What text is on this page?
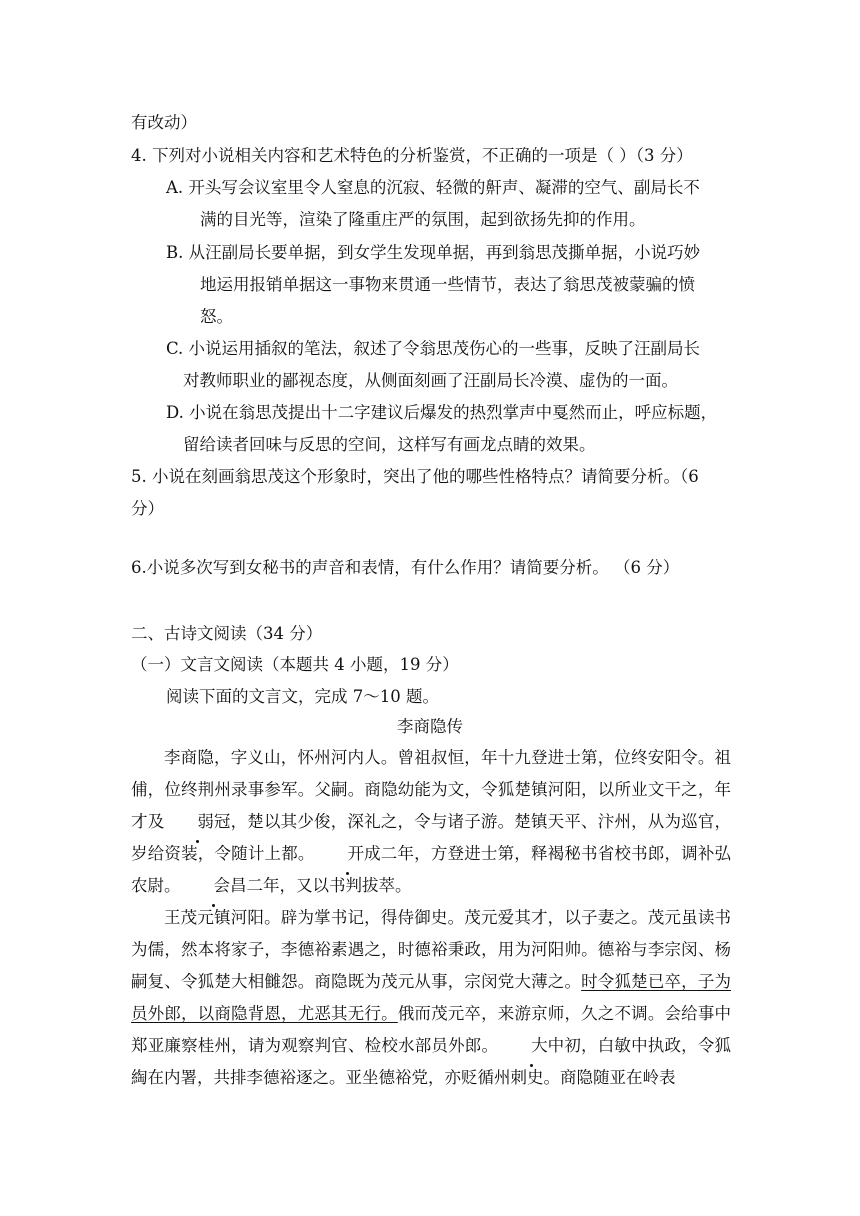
有改动）
4. 下列对小说相关内容和艺术特色的分析鉴赏，不正确的一项是（ ）（3 分）
A. 开头写会议室里令人窒息的沉寂、轻微的鼾声、凝滞的空气、副局长不
满的目光等，渲染了隆重庄严的氛围，起到欲扬先抑的作用。
B. 从汪副局长要单据，到女学生发现单据，再到翁思茂撕单据，小说巧妙
地运用报销单据这一事物来贯通一些情节，表达了翁思茂被蒙骗的愤
怒。
C. 小说运用插叙的笔法，叙述了令翁思茂伤心的一些事，反映了汪副局长
对教师职业的鄙视态度，从侧面刻画了汪副局长冷漠、虚伪的一面。
D. 小说在翁思茂提出十二字建议后爆发的热烈掌声中戛然而止，呼应标题，
留给读者回味与反思的空间，这样写有画龙点睛的效果。
5. 小说在刻画翁思茂这个形象时，突出了他的哪些性格特点？请简要分析。（6
分）
6.小说多次写到女秘书的声音和表情，有什么作用？请简要分析。 （6 分）
二、古诗文阅读（34 分）
（一）文言文阅读（本题共 4 小题，19 分）
阅读下面的文言文，完成 7～10 题。
李商隐传
李商隐，字义山，怀州河内人。曾祖叔恒，年十九登进士第，位终安阳令。祖俌，位终荆州录事参军。父嗣。商隐幼能为文，令狐楚镇河阳，以所业文干之，年才及 弱冠，楚以其少俊，深礼之，令与诸子游。楚镇天平、汴州，从为巡官，岁给资装，令随计上都。 开成二年，方登进士第，释褐秘书省校书郎，调补弘农尉。 会昌二年，又以书判拔萃。
王茂元镇河阳。辟为掌书记，得侍御史。茂元爱其才，以子妻之。茂元虽读书为儒，然本将家子，李德裕素遇之，时德裕秉政，用为河阳帅。德裕与李宗闵、杨嗣复、令狐楚大相雠怨。商隐既为茂元从事，宗闵党大薄之。时令狐楚已卒，子为员外郎，以商隐背恩，尤恶其无行。俄而茂元卒，来游京师，久之不调。会给事中郑亚廉察桂州，请为观察判官、检校水部员外郎。 大中初，白敏中执政，令狐綯在内署，共排李德裕逐之。亚坐德裕党，亦贬循州刺史。商隐随亚在岭表
